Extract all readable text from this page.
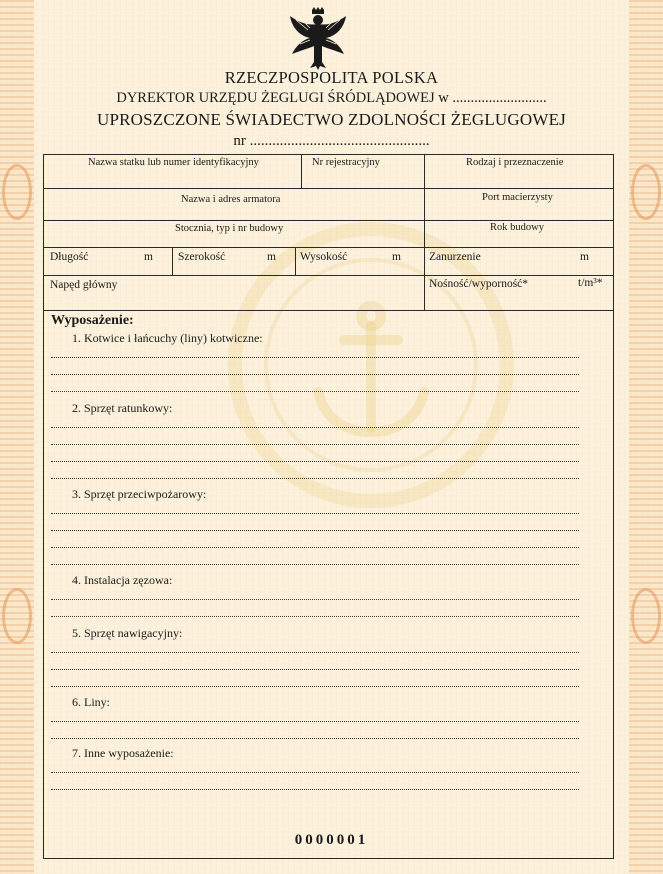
RZECZPOSPOLITA POLSKA
DYREKTOR URZĘDU ŻEGLUGI ŚRÓDLĄDOWEJ w ..........................
UPROSZCZONE ŚWIADECTWO ZDOLNOŚCI ŻEGLUGOWEJ
nr ................................................
Nazwa statku lub numer identyfikacyjny	Nr rejestracyjny	Rodzaj i przeznaczenie
Nazwa i adres armatora	Port macierzysty
Stocznia, typ i nr budowy	Rok budowy
Długość	m Szerokość	m Wysokość	m Zanurzenie	m
Napęd główny	Nośność/wyporność*	t/m³*
Wyposażenie:
1. Kotwice i łańcuchy (liny) kotwiczne:
2. Sprzęt ratunkowy:
3. Sprzęt przeciwpożarowy:
4. Instalacja zęzowa:
5. Sprzęt nawigacyjny:
6. Liny:
7. Inne wyposażenie:
0000001
